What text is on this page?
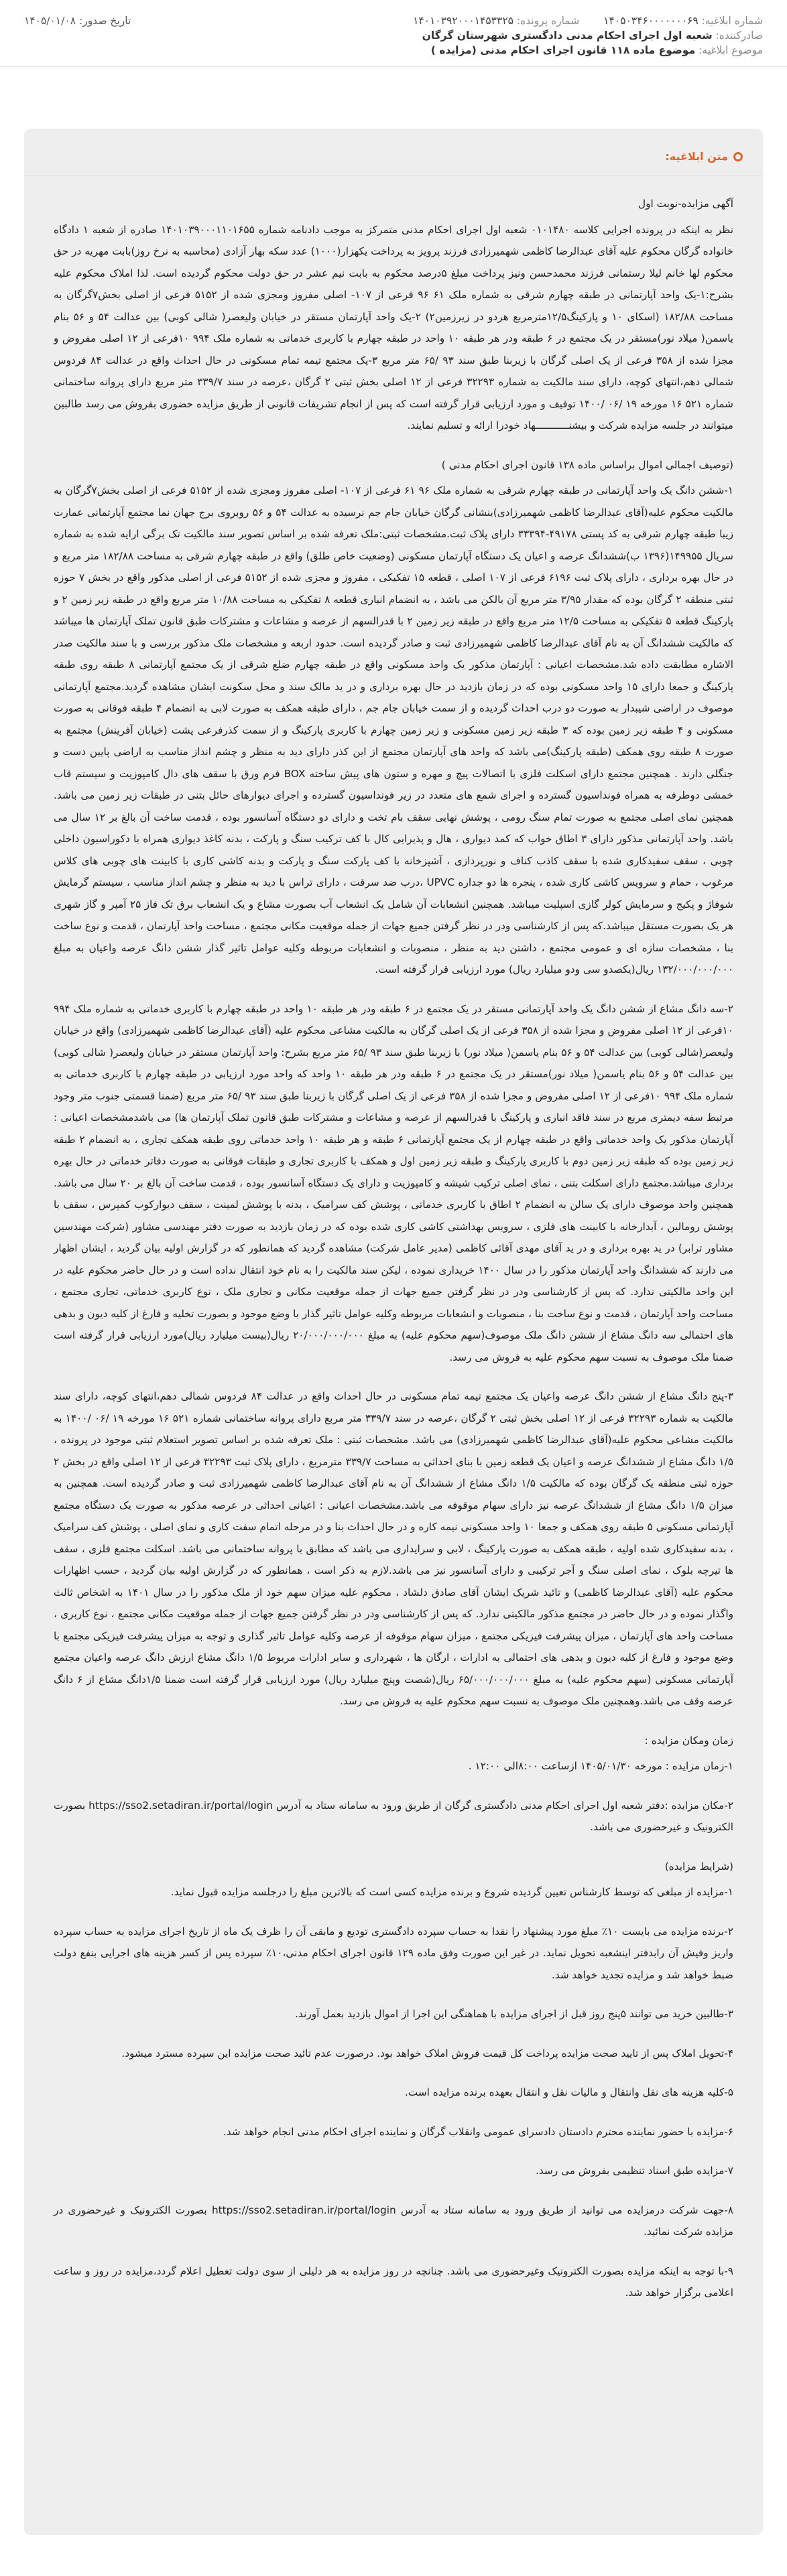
شماره ابلاغیه: ۱۴۰۵۰۳۴۶۰۰۰۰۰۰۰۶۹  شماره پرونده: ۱۴۰۱۰۳۹۲۰۰۰۱۴۵۳۳۲۵
صادرکننده: شعبه اول اجرای احکام مدنی دادگستری شهرستان گرگان
موضوع ابلاغیه: موضوع ماده ۱۱۸ قانون اجرای احکام مدنی (مزایده )
تاریخ صدور: ۱۴۰۵/۰۱/۰۸
متن ابلاغیه:

آگهی مزایده-نوبت اول

نظر به اینکه در پرونده اجرایی کلاسه ۰۱۰۱۴۸۰ شعبه اول اجرای احکام مدنی متمرکز به موجب دادنامه شماره ۱۴۰۱۰۳۹۰۰۰۱۱۰۱۶۵۵ صادره از شعبه ۱ دادگاه خانواده گرگان محکوم علیه آقای عبدالرضا کاظمی شهمیرزادی فرزند پرویز به پرداخت یکهزار(۱۰۰۰) عدد سکه بهار آزادی (محاسبه به نرخ روز)بابت مهریه در حق محکوم لها خانم لیلا رستمانی فرزند محمدحسن ونیز پرداخت مبلغ ۵درصد محکوم به بابت نیم عشر در حق دولت محکوم گردیده است. لذا املاک محکوم علیه بشرح:۱-یک واحد آپارتمانی در طبقه چهارم شرقی به شماره ملک ۶۱ ۹۶ فرعی از ۱۰۷- اصلی مفروز ومجزی شده از ۵۱۵۲ فرعی از اصلی بخش۷گرگان به مساحت ۱۸۲/۸۸ (اسکای ۱۰ و پارکینگ۱۲/۵مترمربع هردو در زیرزمین۲) ۲-یک واحد آپارتمان مستقر در خیابان ولیعصر( شالی کوبی) بین عدالت ۵۴ و ۵۶ بنام یاسمن( میلاد نور)مستقر در یک مجتمع در ۶ طبقه ودر هر طبقه ۱۰ واحد در طبقه چهارم با کاربری خدماتی به شماره ملک ۹۹۴ ۱۰فرعی از ۱۲ اصلی مفروض و مجزا شده از ۳۵۸ فرعی از یک اصلی گرگان با زیربنا طبق سند ۹۳ /۶۵ متر مربع ۳-یک مجتمع تیمه تمام مسکونی در حال احداث واقع در عدالت ۸۴ فردوس شمالی دهم،انتهای کوچه، دارای سند مالکیت به شماره ۳۲۲۹۳ فرعی از ۱۲ اصلی بخش ثبتی ۲ گرگان ،عرصه در سند ۳۳۹/۷ متر مربع دارای پروانه ساختمانی شماره ۵۲۱ ۱۶ مورخه ۱۹ /۰۶ /۱۴۰۰ توقیف و مورد ارزیابی قرار گرفته است که پس از انجام تشریفات قانونی از طریق مزایده حضوری بفروش می رسد طالبین میتوانند در جلسه مزایده شرکت و بیشنـــــــــــهاد خودرا ارائه و تسلیم نمایند.

(توصیف اجمالی اموال براساس ماده ۱۳۸ قانون اجرای احکام مدنی )

۱-ششن دانگ یک واحد آپارتمانی در طبقه چهارم شرقی به شماره ملک ۹۶ ۶۱ فرعی از ۱۰۷- اصلی مفروز ومجزی شده از ۵۱۵۲ فرعی از اصلی بخش۷گرگان به مالکیت محکوم علیه(آقای عبدالرضا کاظمی شهمیرزادی)بنشانی گرگان خیابان جام جم نرسیده به عدالت ۵۴ و ۵۶ روبروی برج جهان نما مجتمع آپارتمانی عمارت زیبا طبقه چهارم شرقی به کد پستی ۴۹۱۷۸-۳۳۳۹۴ دارای پلاک ثبت.مشخصات ثبتی:ملک تعرفه شده بر اساس تصویر سند مالکیت تک برگی ارایه شده به شماره سریال ۱۴۹۹۵۵(۱۳۹۶ ب)ششدانگ عرصه و اعیان یک دستگاه آپارتمان مسکونی (وضعیت خاص طلق) واقع در طبقه چهارم شرقی به مساحت ۱۸۲/۸۸ متر مربع و در حال بهره برداری ، دارای پلاک ثبت ۶۱۹۶ فرعی از ۱۰۷ اصلی ، قطعه ۱۵ تفکیکی ، مفروز و مجزی شده از ۵۱۵۲ فرعی از اصلی مذکور واقع در بخش ۷ حوزه ثبتی منطقه ۲ گرگان بوده که مقدار ۳/۹۵ متر مربع آن بالکن می باشد ، به انضمام انباری قطعه ۸ تفکیکی به مساحت ۱۰/۸۸ متر مربع واقع در طبقه زیر زمین ۲ و پارکینگ قطعه ۵ تفکیکی به مساحت ۱۲/۵ متر مربع واقع در طبقه زیر زمین ۲ با قدرالسهم از عرصه و مشاعات و مشترکات طبق قانون تملک آپارتمان ها میباشد که مالکیت ششدانگ آن به نام آقای عبدالرضا کاظمی شهمیرزادی ثبت و صادر گردیده است. حدود اربعه و مشخصات ملک مذکور بررسی و با سند مالکیت صدر الاشاره مطابقت داده شد.مشخصات اعیانی : آپارتمان مذکور یک واحد مسکونی واقع در طبقه چهارم ضلع شرقی از یک مجتمع آپارتمانی ۸ طبقه روی طبقه پارکینگ و جمعا دارای ۱۵ واحد مسکونی بوده که در زمان بازدید در حال بهره برداری و در ید مالک سند و محل سکونت ایشان مشاهده گردید.مجتمع آپارتمانی موصوف در اراضی شیبدار به صورت دو درب احداث گردیده و از سمت خیابان جام جم ، دارای طبقه همکف به صورت لابی به انضمام ۴ طبقه فوقانی به صورت مسکونی و ۴ طبقه زیر زمین بوده که ۳ طبقه زیر زمین مسکونی و زیر زمین چهارم با کاربری پارکینگ و از سمت کذرفرعی پشت (خیابان آفرینش) مجتمع به صورت ۸ طبقه روی همکف (طبقه پارکینگ)می باشد که واحد های آپارتمان مجتمع از این کذر دارای دید به منظر و چشم انداز مناسب به اراضی پایین دست و جنگلی دارند . همچنین مجتمع دارای اسکلت فلزی با اتصالات پیچ و مهره و ستون های پیش ساخته BOX فرم ورق با سقف های دال کامپوزیت و سیستم قاب خمشی دوطرفه به همراه فونداسیون گسترده و اجرای شمع های متعدد در زیر فونداسیون گسترده و اجرای دیوارهای حائل بتنی در طبقات زیر زمین می باشد. همچنین نمای اصلی مجتمع به صورت تمام سنگ رومی ، پوشش نهایی سقف بام تخت و دارای دو دستگاه آسانسور بوده ، قدمت ساخت آن بالغ بر ۱۲ سال می باشد. واحد آپارتمانی مذکور دارای ۳ اطاق خواب که کمد دیواری ، هال و پذیرایی کال با کف ترکیب سنگ و پارکت ، بدنه کاغذ دیواری همراه با دکوراسیون داخلی چوبی ، سقف سفیدکاری شده با سقف کاذب کناف و نورپردازی ، آشپزخانه با کف پارکت سنگ و پارکت و بدنه کاشی کاری با کابینت های چوبی های کلاس مرغوب ، حمام و سرویس کاشی کاری شده ، پنجره ها دو جداره UPVC ،درب ضد سرقت ، دارای تراس با دید به منظر و چشم انداز مناسب ، سیستم گرمایش شوفاژ و پکیج و سرمایش کولر گازی اسپلیت میباشد. همچنین انشعابات آن شامل یک انشعاب آب بصورت مشاع و یک انشعاب برق تک فاز ۲۵ آمپر و گاز شهری هر یک بصورت مستقل میباشد.که پس از کارشناسی ودر در نظر گرفتن جمیع جهات از جمله موقعیت مکانی مجتمع ، مساحت واحد آپارتمان ، قدمت و نوع ساخت بنا ، مشخصات سازه ای و عمومی مجتمع ، داشتن دید به منظر ، منصوبات و انشعابات مربوطه وکلیه عوامل تاثیر گذار ششن دانگ عرصه واعیان به مبلغ ۱۳۲/۰۰۰/۰۰۰/۰۰۰ ریال(یکصدو سی ودو میلیارد ریال) مورد ارزیابی قرار گرفته است.

۲-سه دانگ مشاع از ششن دانگ یک واحد آپارتمانی مستقر در یک مجتمع در ۶ طبقه ودر هر طبقه ۱۰ واحد در طبقه چهارم با کاربری خدماتی به شماره ملک ۹۹۴ ۱۰فرعی از ۱۲ اصلی مفروض و مجزا شده از ۳۵۸ فرعی از یک اصلی گرگان به مالکیت مشاعی محکوم علیه (آقای عبدالرضا کاظمی شهمیرزادی) واقع در خیابان ولیعصر(شالی کوبی) بین عدالت ۵۴ و ۵۶ بنام یاسمن( میلاد نور) با زیربنا طبق سند ۹۳ /۶۵ متر مربع بشرح: واحد آپارتمان مستقر در خیابان ولیعصر( شالی کوبی) بین عدالت ۵۴ و ۵۶ بنام یاسمن( میلاد نور)مستقر در یک مجتمع در ۶ طبقه ودر هر طبقه ۱۰ واحد که واحد مورد ارزیابی در طبقه چهارم با کاربری خدماتی به شماره ملک ۹۹۴ ۱۰فرعی از ۱۲ اصلی مفروض و مجزا شده از ۳۵۸ فرعی از یک اصلی گرگان با زیربنا طبق سند ۹۳ /۶۵ متر مربع (ضمنا قسمتی جنوب متر وجود مرتبط سفه دیمتری مربع در سند فاقد انباری و پارکینگ با قدرالسهم از عرصه و مشاعات و مشترکات طبق قانون تملک آپارتمان ها) می باشدمشخصات اعیانی : آپارتمان مذکور یک واحد خدماتی واقع در طبقه چهارم از یک مجتمع آپارتمانی ۶ طبقه و هر طبقه ۱۰ واحد خدماتی روی طبقه همکف تجاری ، به انضمام ۲ طبقه زیر زمین بوده که طبقه زیر زمین دوم با کاربری پارکینگ و طبقه زیر زمین اول و همکف با کاربری تجاری و طبقات فوقانی به صورت دفاتر خدماتی در حال بهره برداری میباشد.مجتمع دارای اسکلت بتنی ، نمای اصلی ترکیب شیشه و کامپوزیت و دارای یک دستگاه آسانسور بوده ، قدمت ساخت آن بالغ بر ۲۰ سال می باشد. همچنین واحد موصوف دارای یک سالن به انضمام ۲ اطاق با کاربری خدماتی ، پوشش کف سرامیک ، بدنه با پوشش لمینت ، سقف دیوارکوب کمپرس ، سقف با پوشش رومالین ، آبدارخانه با کابینت های فلزی ، سرویس بهداشتی کاشی کاری شده بوده که در زمان بازدید به صورت دفتر مهندسی مشاور (شرکت مهندسین مشاور ترابر) در ید بهره برداری و در ید آقای مهدی آقائی کاظمی (مدیر عامل شرکت) مشاهده گردید که همانطور که در گزارش اولیه بیان گردید ، ایشان اظهار می دارند که ششدانگ واحد آپارتمان مذکور را در سال ۱۴۰۰ خریداری نموده ، لیکن سند مالکیت را به نام خود انتقال نداده است و در حال حاضر محکوم علیه در این واحد مالکیتی ندارد. که پس از کارشناسی ودر در نظر گرفتن جمیع جهات از جمله موقعیت مکانی و تجاری ملک ، نوع کاربری خدماتی، تجاری مجتمع ، مساحت واحد آپارتمان ، قدمت و نوع ساخت بنا ، منصوبات و انشعابات مربوطه وکلیه عوامل تاثیر گذار با وضع موجود و بصورت تخلیه و فارغ از کلیه دیون و بدهی های احتمالی سه دانگ مشاع از ششن دانگ ملک موصوف(سهم محکوم علیه) به مبلغ ۲۰/۰۰۰/۰۰۰/۰۰۰ ریال(بیست میلیارد ریال)مورد ارزیابی قرار گرفته است ضمنا ملک موصوف به نسبت سهم محکوم علیه به فروش می رسد.

۳-پنج دانگ مشاع از ششن دانگ عرصه واعیان یک مجتمع تیمه تمام مسکونی در حال احداث واقع در عدالت ۸۴ فردوس شمالی دهم،انتهای کوچه، دارای سند مالکیت به شماره ۳۲۲۹۳ فرعی از ۱۲ اصلی بخش ثبتی ۲ گرگان ،عرصه در سند ۳۳۹/۷ متر مربع دارای پروانه ساختمانی شماره ۵۲۱ ۱۶ مورخه ۱۹ /۰۶ /۱۴۰۰ به مالکیت مشاعی محکوم علیه(آقای عبدالرضا کاظمی شهمیرزادی) می باشد. مشخصات ثبتی : ملک تعرفه شده بر اساس تصویر استعلام ثبتی موجود در پرونده ، ۱/۵ دانگ مشاع از ششدانگ عرصه و اعیان یک قطعه زمین با بنای احداثی به مساحت ۳۳۹/۷ مترمربع ، دارای پلاک ثبت ۳۲۲۹۳ فرعی از ۱۲ اصلی واقع در بخش ۲ حوزه ثبتی منطقه یک گرگان بوده که مالکیت ۱/۵ دانگ مشاع از ششدانگ آن به نام آقای عبدالرضا کاظمی شهمیرزادی ثبت و صادر گردیده است. همچنین به میزان ۱/۵ دانگ مشاع از ششدانگ عرصه نیز دارای سهام موقوفه می باشد.مشخصات اعیانی : اعیانی احداثی در عرصه مذکور به صورت یک دستگاه مجتمع آپارتمانی مسکونی ۵ طبقه روی همکف و جمعا ۱۰ واحد مسکونی نیمه کاره و در حال احداث بنا و در مرحله اتمام سفت کاری و نمای اصلی ، پوشش کف سرامیک ، بدنه سفیدکاری شده اولیه ، طبقه همکف به صورت پارکینگ ، لابی و سرایداری می باشد که مطابق با پروانه ساختمانی می باشد. اسکلت مجتمع فلزی ، سقف ها تیرچه بلوک ، نمای اصلی سنگ و آجر ترکیبی و دارای آسانسور نیز می باشد.لازم به ذکر است ، همانطور که در گزارش اولیه بیان گردید ، حسب اظهارات محکوم علیه (آقای عبدالرضا کاظمی) و تائید شریک ایشان آقای صادق دلشاد ، محکوم علیه میزان سهم خود از ملک مذکور را در سال ۱۴۰۱ به اشخاص ثالث واگذار نموده و در حال حاضر در مجتمع مذکور مالکیتی ندارد. که پس از کارشناسی ودر در نظر گرفتن جمیع جهات از جمله موقعیت مکانی مجتمع ، نوع کاربری ، مساحت واحد های آپارتمان ، میزان پیشرفت فیزیکی مجتمع ، میزان سهام موقوفه از عرصه وکلیه عوامل تاثیر گذاری و توجه به میزان پیشرفت فیزیکی مجتمع با وضع موجود و فارغ از کلیه دیون و بدهی های احتمالی به ادارات ، ارگان ها ، شهرداری و سایر ادارات مربوط ۱/۵ دانگ مشاع ارزش دانگ عرصه واعیان مجتمع آپارتمانی مسکونی (سهم محکوم علیه) به مبلغ ۶۵/۰۰۰/۰۰۰/۰۰۰ ریال(شصت وپنج میلیارد ریال) مورد ارزیابی قرار گرفته است ضمنا ۱/۵دانگ مشاع از ۶ دانگ عرصه وقف می باشد.وهمچنین ملک موصوف به نسبت سهم محکوم علیه به فروش می رسد.

زمان ومکان مزایده :

۱-زمان مزایده : مورخه ۱۴۰۵/۰۱/۳۰ ازساعت ۸:۰۰الی ۱۲:۰۰ .

۲-مکان مزایده :دفتر شعبه اول اجرای احکام مدنی دادگستری گرگان از طریق ورود به سامانه ستاد به آدرس https://sso2.setadiran.ir/portal/login بصورت الکترونیک و غیرحضوری می باشد.

(شرایط مزایده)

۱-مزایده از مبلغی که توسط کارشناس تعیین گردیده شروع و برنده مزایده کسی است که بالاترین مبلغ را درجلسه مزایده قبول نماید.

۲-برنده مزایده می بایست ۱۰٪ مبلغ مورد پیشنهاد را نقدا به حساب سپرده دادگستری تودیع و مابقی آن را ظرف یک ماه از تاریخ اجرای مزایده به حساب سپرده واریز وفیش آن رابدفتر اینشعبه تحویل نماید. در غیر این صورت وفق ماده ۱۲۹ قانون اجرای احکام مدنی،۱۰٪ سپرده پس از کسر هزینه های اجرایی بنفع دولت ضبط خواهد شد و مزایده تجدید خواهد شد.

۳-طالبین خرید می توانند ۵پنج روز قبل از اجرای مزایده با هماهنگی این اجرا از اموال بازدید بعمل آورند.

۴-تحویل املاک پس از تایید صحت مزایده پرداخت کل قیمت فروش املاک خواهد بود. درصورت عدم تائید صحت مزایده این سپرده مسترد میشود.

۵-کلیه هزینه های نقل وانتقال و مالیات نقل و انتقال بعهده برنده مزایده است.

۶-مزایده با حضور نماینده محترم دادستان دادسرای عمومی وانقلاب گرگان و نماینده اجرای احکام مدنی انجام خواهد شد.

۷-مزایده طبق اسناد تنظیمی بفروش می رسد.

۸-جهت شرکت درمزایده می توانید از طریق ورود به سامانه ستاد به آدرس https://sso2.setadiran.ir/portal/login بصورت الکترونیک و غیرحضوری در مزایده شرکت نمائید.

۹-با توجه به اینکه مزایده بصورت الکترونیک وغیرحضوری می باشد. چنانچه در روز مزایده به هر دلیلی از سوی دولت تعطیل اعلام گردد،مزایده در روز و ساعت اعلامی برگزار خواهد شد.
